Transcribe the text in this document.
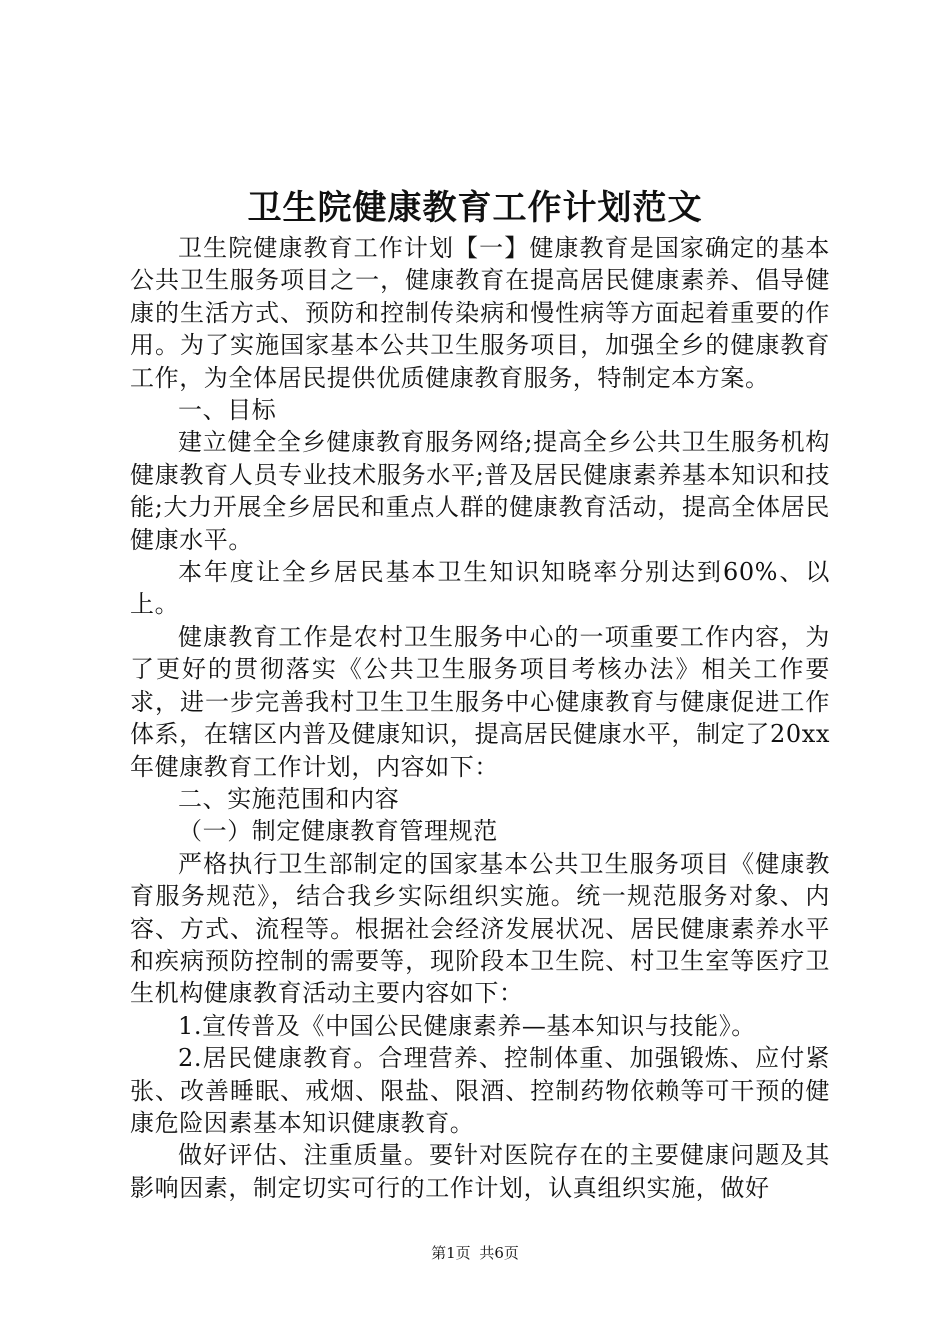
卫生院健康教育工作计划范文

卫生院健康教育工作计划【一】健康教育是国家确定的基本公共卫生服务项目之一，健康教育在提高居民健康素养、倡导健康的生活方式、预防和控制传染病和慢性病等方面起着重要的作用。为了实施国家基本公共卫生服务项目，加强全乡的健康教育工作，为全体居民提供优质健康教育服务，特制定本方案。

一、目标

建立健全全乡健康教育服务网络;提高全乡公共卫生服务机构健康教育人员专业技术服务水平;普及居民健康素养基本知识和技能;大力开展全乡居民和重点人群的健康教育活动，提高全体居民健康水平。

本年度让全乡居民基本卫生知识知晓率分别达到60%、以上。

健康教育工作是农村卫生服务中心的一项重要工作内容，为了更好的贯彻落实《公共卫生服务项目考核办法》相关工作要求，进一步完善我村卫生卫生服务中心健康教育与健康促进工作体系，在辖区内普及健康知识，提高居民健康水平，制定了20xx年健康教育工作计划，内容如下：

二、实施范围和内容

（一）制定健康教育管理规范

严格执行卫生部制定的国家基本公共卫生服务项目《健康教育服务规范》，结合我乡实际组织实施。统一规范服务对象、内容、方式、流程等。根据社会经济发展状况、居民健康素养水平和疾病预防控制的需要等，现阶段本卫生院、村卫生室等医疗卫生机构健康教育活动主要内容如下：

1.宣传普及《中国公民健康素养—基本知识与技能》。

2.居民健康教育。合理营养、控制体重、加强锻炼、应付紧张、改善睡眠、戒烟、限盐、限酒、控制药物依赖等可干预的健康危险因素基本知识健康教育。

做好评估、注重质量。要针对医院存在的主要健康问题及其影响因素，制定切实可行的工作计划，认真组织实施，做好

第1页 共6页
